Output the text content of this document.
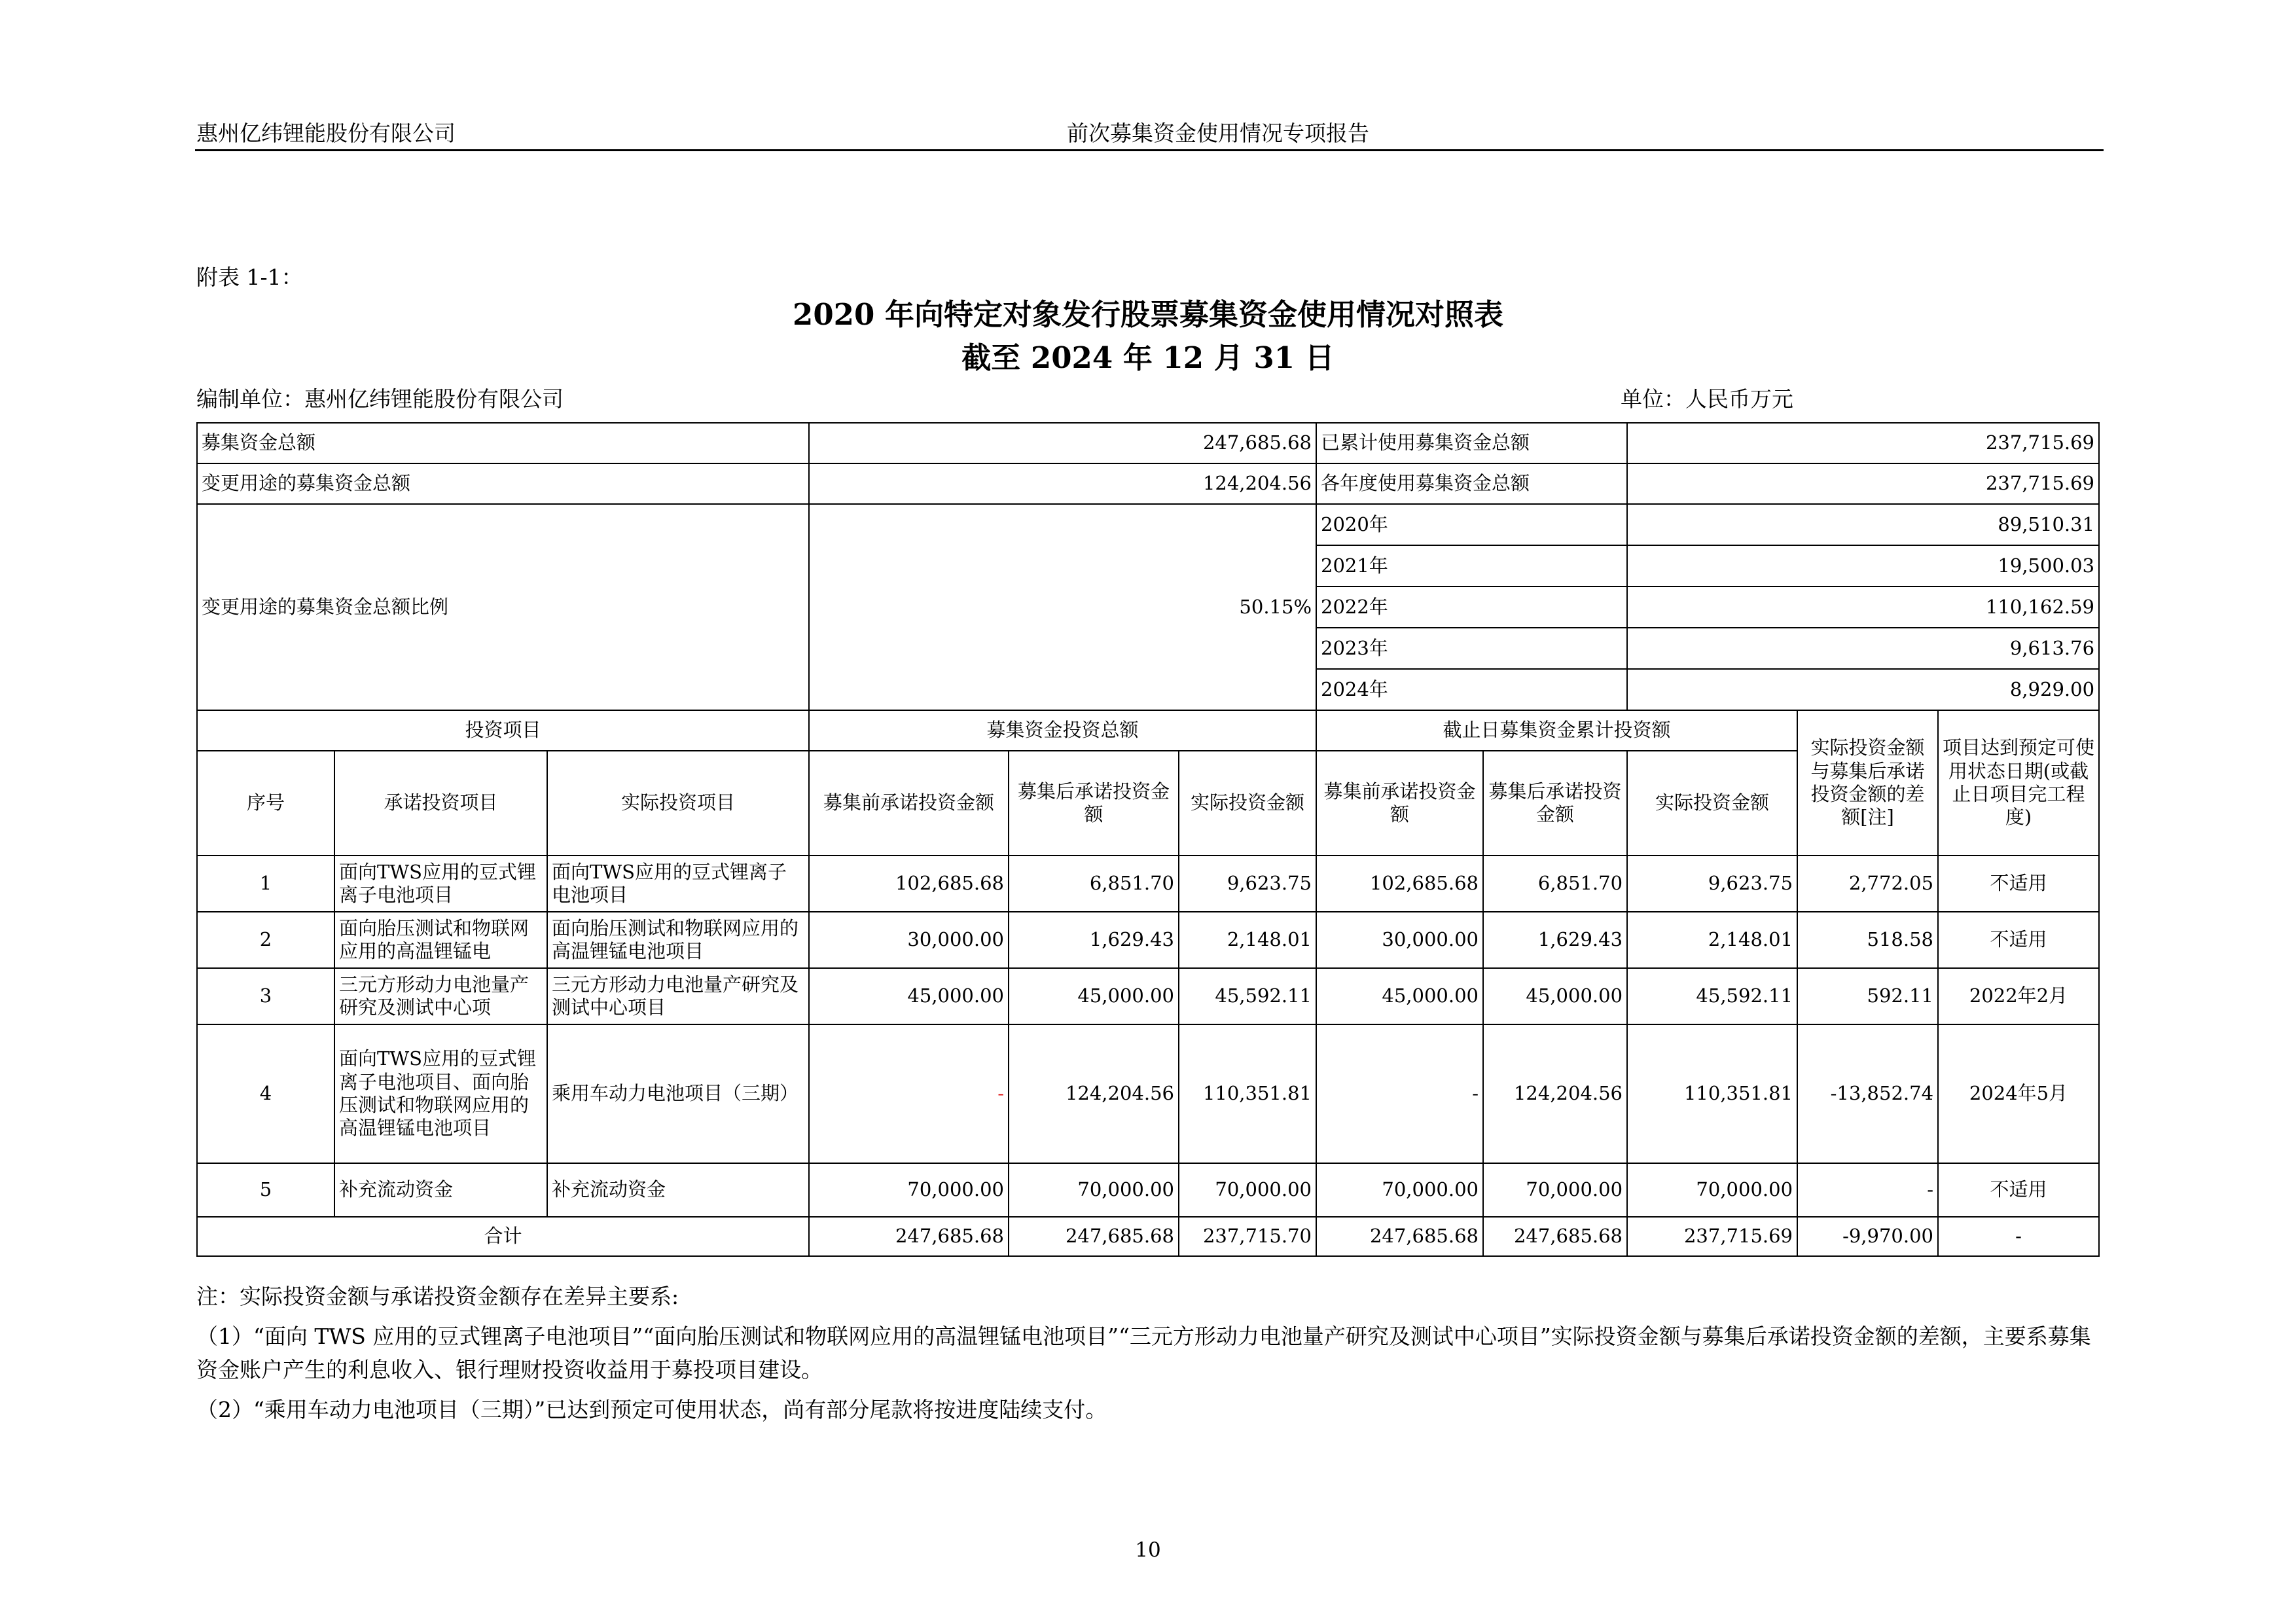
惠州亿纬锂能股份有限公司	前次募集资金使用情况专项报告
附表 1-1：
2020 年向特定对象发行股票募集资金使用情况对照表
截至 2024 年 12 月 31 日
编制单位：惠州亿纬锂能股份有限公司	单位：人民币万元
募集资金总额			247,685.68			已累计使用募集资金总额		237,715.69		
变更用途的募集资金总额			124,204.56			各年度使用募集资金总额		237,715.69		
变更用途的募集资金总额比例			50.15%			2020年		89,510.31		
						2021年		19,500.03		
						2022年		110,162.59		
						2023年		9,613.76		
						2024年		8,929.00		
投资项目			募集资金投资总额			截止日募集资金累计投资额			实际投资金额与募集后承诺投资金额的差额[注]	项目达到预定可使用状态日期(或截止日项目完工程度)
序号	承诺投资项目	实际投资项目	募集前承诺投资金额	募集后承诺投资金额	实际投资金额	募集前承诺投资金额	募集后承诺投资金额	实际投资金额		
1	面向TWS应用的豆式锂离子电池项目	面向TWS应用的豆式锂离子电池项目	102,685.68	6,851.70	9,623.75	102,685.68	6,851.70	9,623.75	2,772.05	不适用
2	面向胎压测试和物联网应用的高温锂锰电	面向胎压测试和物联网应用的高温锂锰电池项目	30,000.00	1,629.43	2,148.01	30,000.00	1,629.43	2,148.01	518.58	不适用
3	三元方形动力电池量产研究及测试中心项	三元方形动力电池量产研究及测试中心项目	45,000.00	45,000.00	45,592.11	45,000.00	45,000.00	45,592.11	592.11	2022年2月
4	面向TWS应用的豆式锂离子电池项目、面向胎压测试和物联网应用的高温锂锰电池项目	乘用车动力电池项目（三期）	-	124,204.56	110,351.81	-	124,204.56	110,351.81	-13,852.74	2024年5月
5	补充流动资金	补充流动资金	70,000.00	70,000.00	70,000.00	70,000.00	70,000.00	70,000.00	-	不适用
合计			247,685.68	247,685.68	237,715.70	247,685.68	247,685.68	237,715.69	-9,970.00	-

注：实际投资金额与承诺投资金额存在差异主要系:

（1）“面向 TWS 应用的豆式锂离子电池项目”“面向胎压测试和物联网应用的高温锂锰电池项目”“三元方形动力电池量产研究及测试中心项目”实际投资金额与募集后承诺投资金额的差额，主要系募集资金账户产生的利息收入、银行理财投资收益用于募投项目建设。

（2）“乘用车动力电池项目（三期）”已达到预定可使用状态，尚有部分尾款将按进度陆续支付。

10
